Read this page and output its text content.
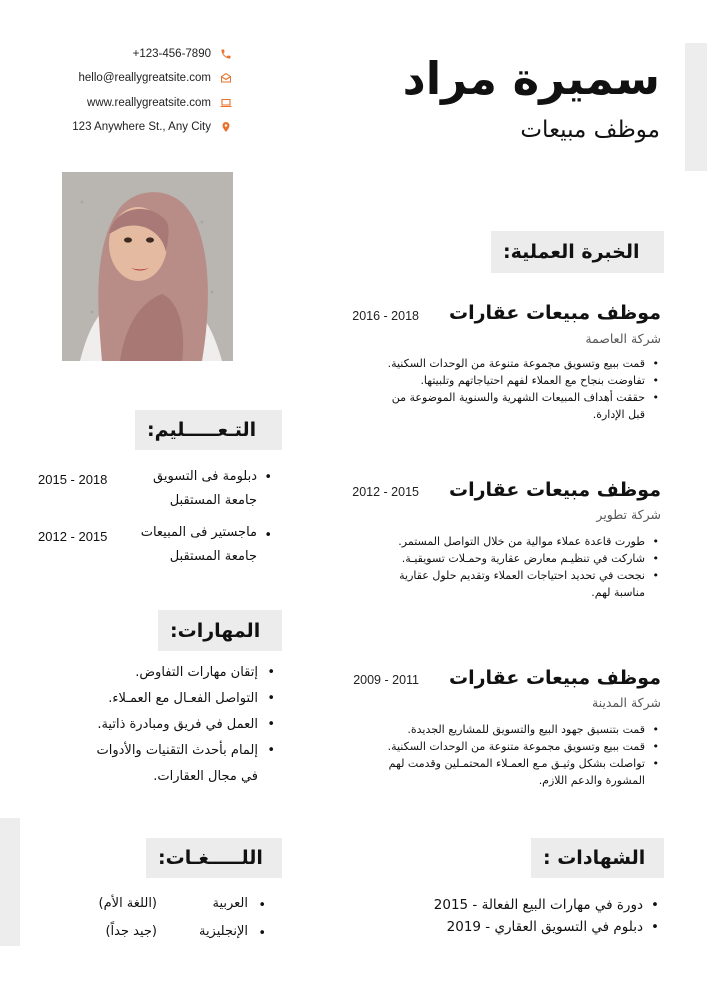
+123-456-7890
hello@reallygreatsite.com
www.reallygreatsite.com
123 Anywhere St., Any City
سميرة مراد
موظف مبيعات
الخبرة العملية:
موظف مبيعات عقارات
2016 - 2018
شركة العاصمة
• قمت ببيع وتسويق مجموعة متنوعة من الوحدات السكنية.
• تفاوضت بنجاح مع العملاء لفهم احتياجاتهم وتلبيتها.
• حققت أهداف المبيعات الشهرية والسنوية الموضوعة من
قبل الإدارة.
موظف مبيعات عقارات
2012 - 2015
شركة تطوير
• طورت قاعدة عملاء موالية من خلال التواصل المستمر.
• شاركت في تنظيـم معارض عقارية وحمـلات تسويقيـة.
• نجحت في تحديد احتياجات العملاء وتقديم حلول عقارية
مناسبة لهم.
موظف مبيعات عقارات
2009 - 2011
شركة المدينة
• قمت بتنسيق جهود البيع والتسويق للمشاريع الجديدة.
• قمت ببيع وتسويق مجموعة متنوعة من الوحدات السكنية.
• تواصلت بشكل وثيـق مـع العمـلاء المحتمـلين وقدمت لهم
المشورة والدعم اللازم.
التـعـــــليم:
•
دبلومة فى التسويق
جامعة المستقبل
2015 - 2018
•
ماجستير فى المبيعات
جامعة المستقبل
2012 - 2015
المهارات:
• إتقان مهارات التفاوض.
• التواصل الفعـال مع العمـلاء.
• العمل في فريق ومبادرة ذاتية.
• إلمام بأحدث التقنيات والأدوات
في مجال العقارات.
اللـــــغـات:
•
العربية
(اللغة الأم)
•
الإنجليزية
(جيد جداً)
الشهادات :
• دورة في مهارات البيع الفعالة - 2015
• دبلوم في التسويق العقاري - 2019
